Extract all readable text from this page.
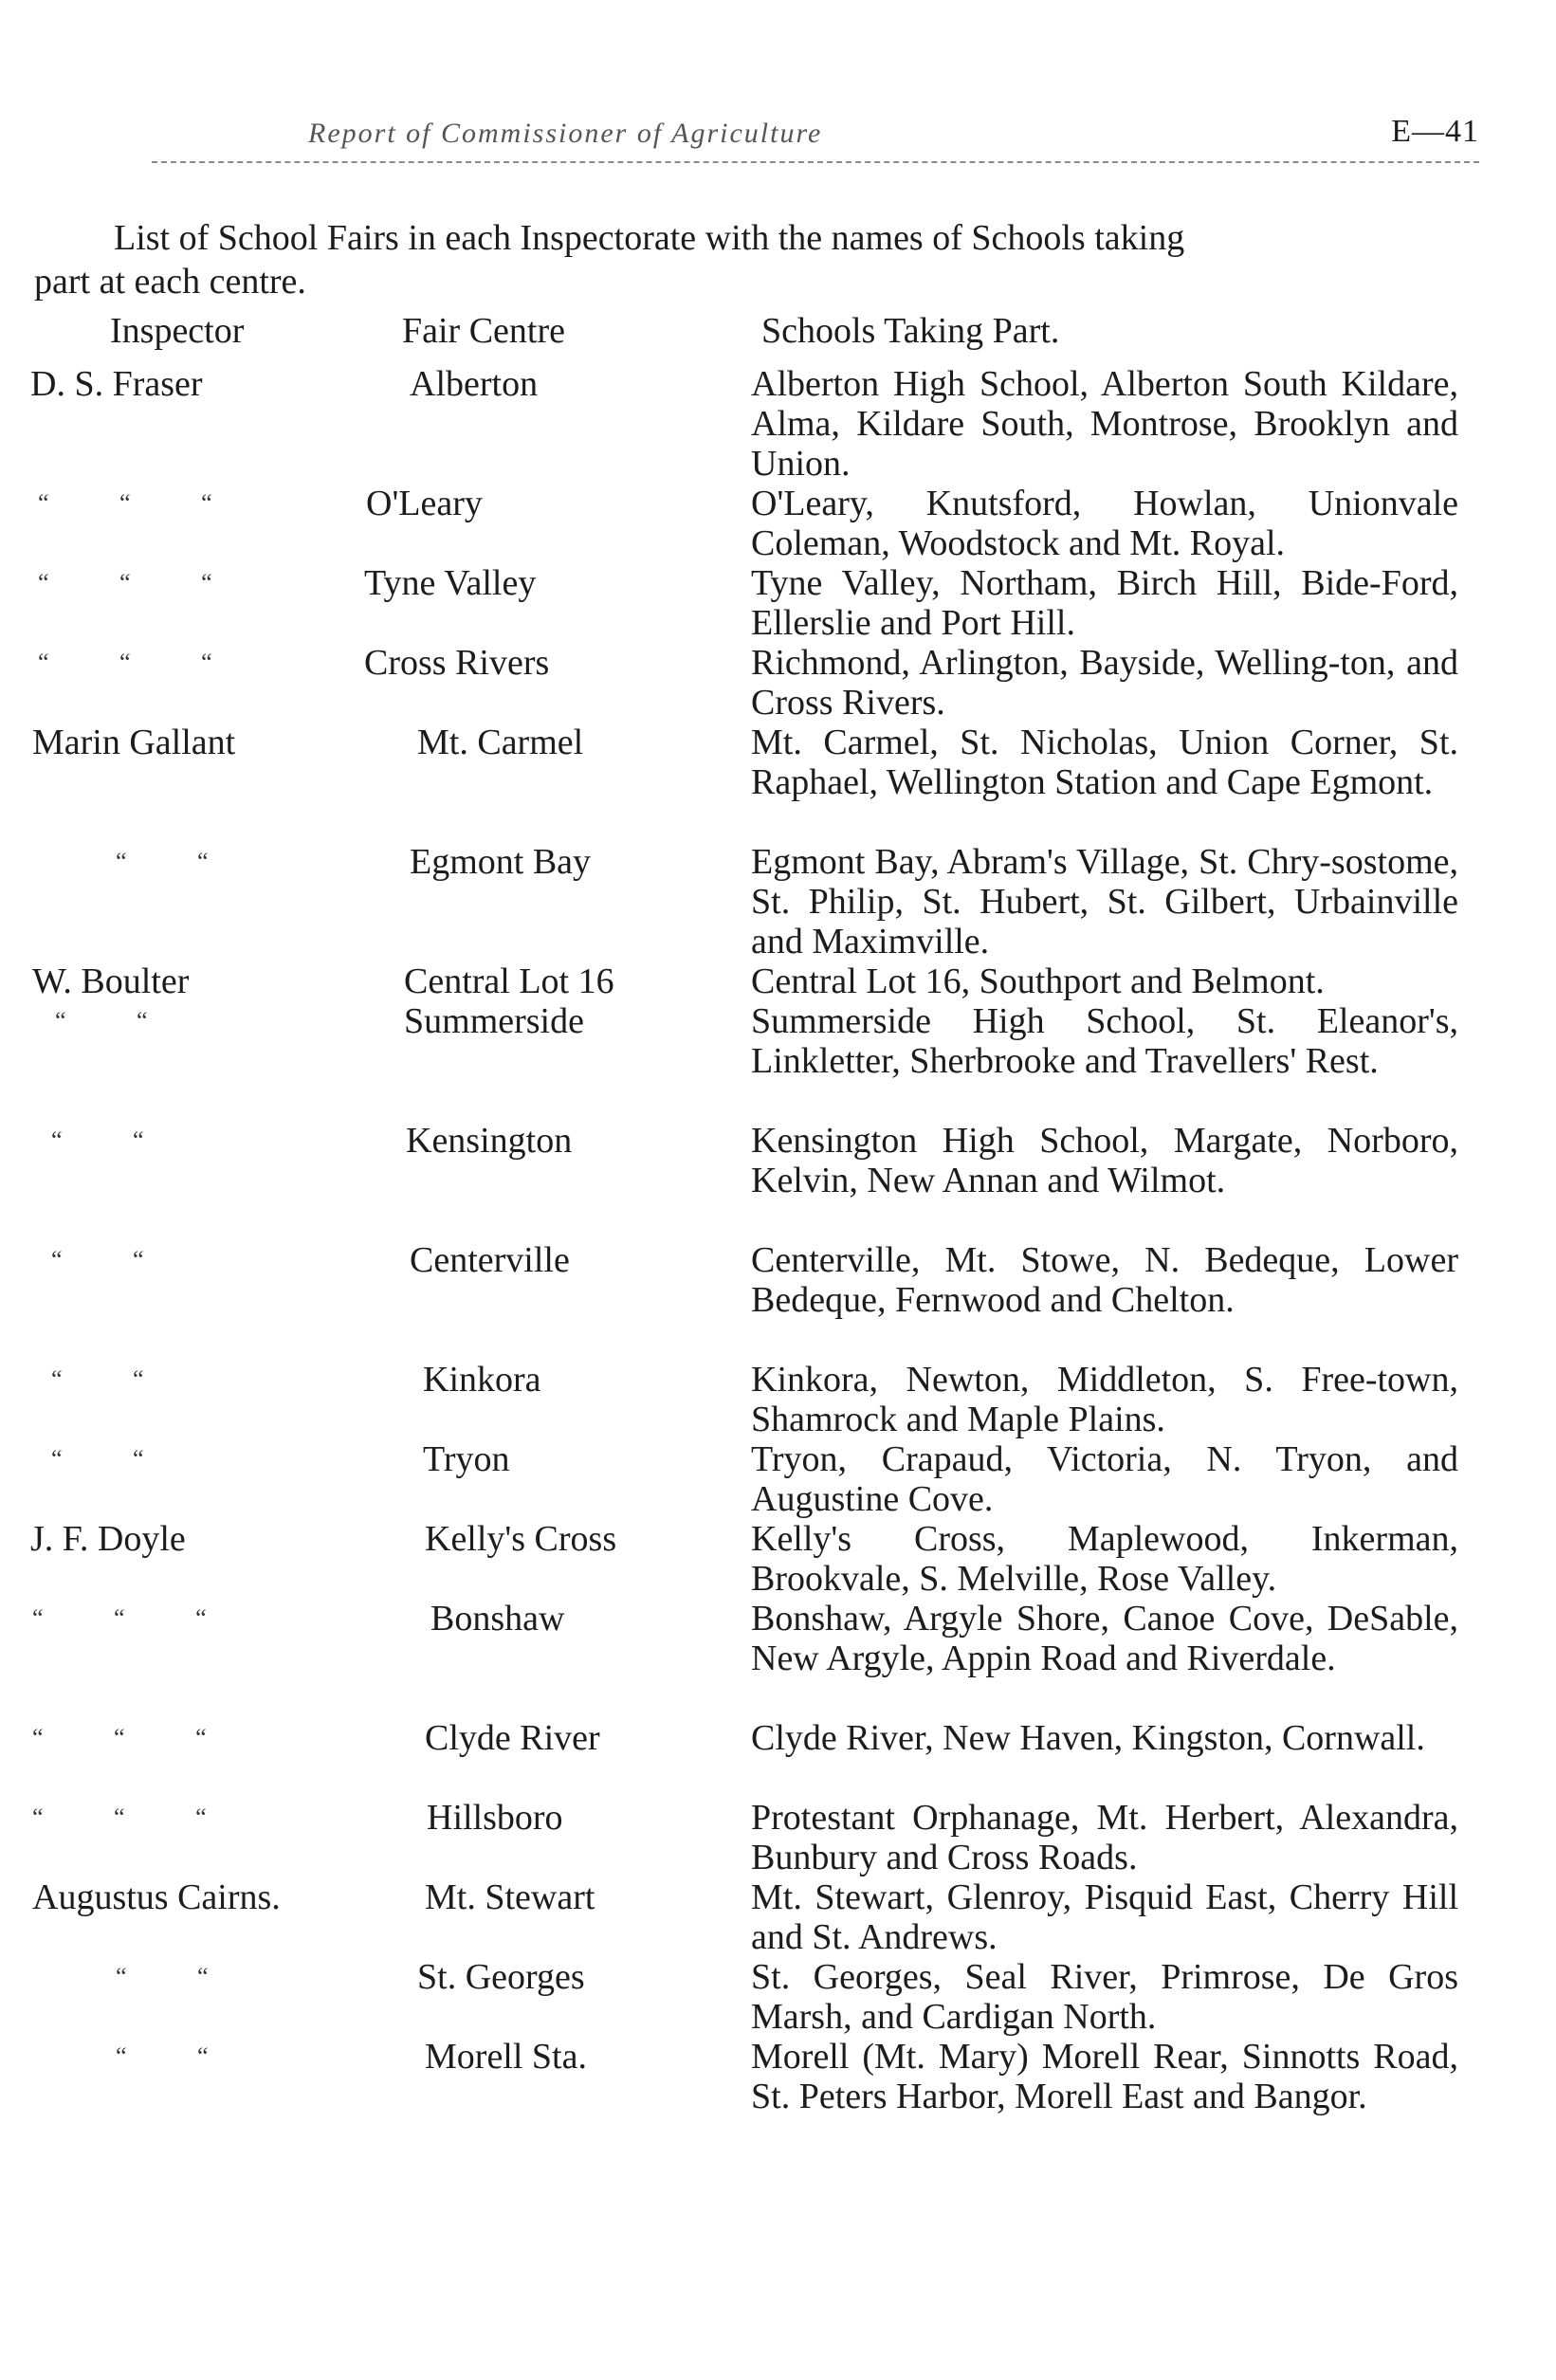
Report of Commissioner of Agriculture	E—41
List of School Fairs in each Inspectorate with the names of Schools taking
part at each centre.
Inspector	Fair Centre	Schools Taking Part.
D. S. Fraser	Alberton	Alberton High School, Alberton South Kildare, Alma, Kildare South, Montrose, Brooklyn and Union.
“ “ “	O'Leary	O'Leary, Knutsford, Howlan, Unionvale Coleman, Woodstock and Mt. Royal.
“ “ “	Tyne Valley	Tyne Valley, Northam, Birch Hill, Bide-Ford, Ellerslie and Port Hill.
“ “ “	Cross Rivers	Richmond, Arlington, Bayside, Welling-ton, and Cross Rivers.
Marin Gallant	Mt. Carmel	Mt. Carmel, St. Nicholas, Union Corner, St. Raphael, Wellington Station and Cape Egmont.
“ “	Egmont Bay	Egmont Bay, Abram's Village, St. Chry-sostome, St. Philip, St. Hubert, St. Gilbert, Urbainville and Maximville.
W. Boulter	Central Lot 16	Central Lot 16, Southport and Belmont.
“ “	Summerside	Summerside High School, St. Eleanor's, Linkletter, Sherbrooke and Travellers' Rest.
“ “	Kensington	Kensington High School, Margate, Norboro, Kelvin, New Annan and Wilmot.
“ “	Centerville	Centerville, Mt. Stowe, N. Bedeque, Lower Bedeque, Fernwood and Chelton.
“ “	Kinkora	Kinkora, Newton, Middleton, S. Free-town, Shamrock and Maple Plains.
“ “	Tryon	Tryon, Crapaud, Victoria, N. Tryon, and Augustine Cove.
J. F. Doyle	Kelly's Cross	Kelly's Cross, Maplewood, Inkerman, Brookvale, S. Melville, Rose Valley.
“ “ “	Bonshaw	Bonshaw, Argyle Shore, Canoe Cove, DeSable, New Argyle, Appin Road and Riverdale.
“ “ “	Clyde River	Clyde River, New Haven, Kingston, Cornwall.
“ “ “	Hillsboro	Protestant Orphanage, Mt. Herbert, Alexandra, Bunbury and Cross Roads.
Augustus Cairns.	Mt. Stewart	Mt. Stewart, Glenroy, Pisquid East, Cherry Hill and St. Andrews.
“ “	St. Georges	St. Georges, Seal River, Primrose, De Gros Marsh, and Cardigan North.
“ “	Morell Sta.	Morell (Mt. Mary) Morell Rear, Sinnotts Road, St. Peters Harbor, Morell East and Bangor.
